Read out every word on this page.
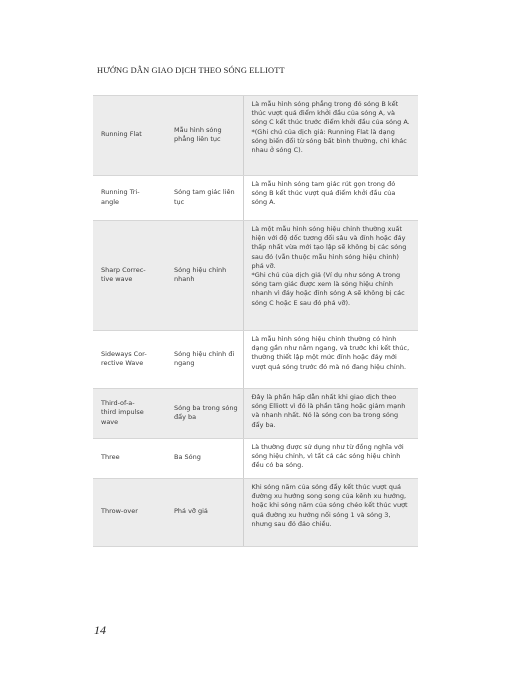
HƯỚNG DẪN GIAO DỊCH THEO SÓNG ELLIOTT
Running Flat	Mẫu hình sóng phẳng liên tục	Là mẫu hình sóng phẳng trong đó sóng B kết thúc vượt quá điểm khởi đầu của sóng A, và sóng C kết thúc trước điểm khởi đầu của sóng A.
*(Ghi chú của dịch giả: Running Flat là dạng sóng biến đổi từ sóng bất bình thường, chỉ khác nhau ở sóng C).
Running Tri-
angle	Sóng tam giác liên tục	Là mẫu hình sóng tam giác rút gọn trong đó sóng B kết thúc vượt quá điểm khởi đầu của sóng A.
Sharp Correc-
tive wave	Sóng hiệu chỉnh nhanh	Là một mẫu hình sóng hiệu chỉnh thường xuất hiện với độ dốc tương đối sâu và đỉnh hoặc đáy thấp nhất vừa mới tạo lập sẽ không bị các sóng sau đó (vẫn thuộc mẫu hình sóng hiệu chỉnh) phá vỡ.
*Ghi chú của dịch giả (Ví dụ như sóng A trong sóng tam giác được xem là sóng hiệu chỉnh nhanh vì đáy hoặc đỉnh sóng A sẽ không bị các sóng C hoặc E sau đó phá vỡ).
Sideways Cor-
rective Wave	Sóng hiệu chỉnh đi ngang	Là mẫu hình sóng hiệu chỉnh thường có hình dạng gần như nằm ngang, và trước khi kết thúc, thường thiết lập một mức đỉnh hoặc đáy mới vượt quá sóng trước đó mà nó đang hiệu chỉnh.
Third-of-a-
third impulse
wave	Sóng ba trong sóng đẩy ba	Đây là phần hấp dẫn nhất khi giao dịch theo sóng Elliott vì đó là phần tăng hoặc giảm mạnh và nhanh nhất. Nó là sóng con ba trong sóng đẩy ba.
Three	Ba Sóng	Là thường được sử dụng như từ đồng nghĩa với sóng hiệu chỉnh, vì tất cả các sóng hiệu chỉnh đều có ba sóng.
Throw-over	Phá vỡ giả	Khi sóng năm của sóng đẩy kết thúc vượt quá đường xu hướng song song của kênh xu hướng, hoặc khi sóng năm của sóng chéo kết thúc vượt quá đường xu hướng nối sóng 1 và sóng 3, nhưng sau đó đảo chiều.
14
